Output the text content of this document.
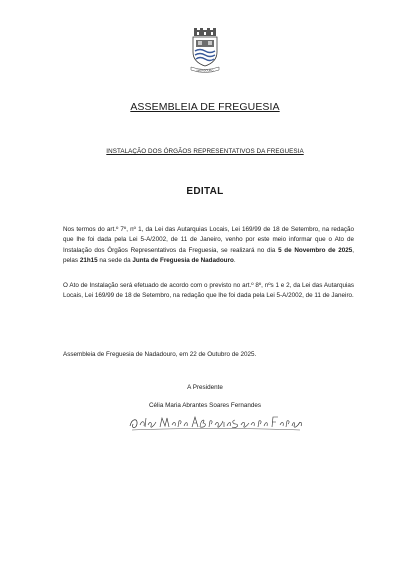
NADADOURO
ASSEMBLEIA DE FREGUESIA
INSTALAÇÃO DOS ÓRGÃOS REPRESENTATIVOS DA FREGUESIA
EDITAL
Nos termos do art.º 7º, nº 1, da Lei das Autarquias Locais, Lei 169/99 de 18 de Setembro, na redação que lhe foi dada pela Lei 5-A/2002, de 11 de Janeiro, venho por este meio informar que o Ato de Instalação dos Órgãos Representativos da Freguesia, se realizará no dia 5 de Novembro de 2025, pelas 21h15 na sede da Junta de Freguesia de Nadadouro.
O Ato de Instalação será efetuado de acordo com o previsto no art.º 8º, nºs 1 e 2, da Lei das Autarquias Locais, Lei 169/99 de 18 de Setembro, na redação que lhe foi dada pela Lei 5-A/2002, de 11 de Janeiro.
Assembleia de Freguesia de Nadadouro, em 22 de Outubro de 2025.
A Presidente
Célia Maria Abrantes Soares Fernandes
